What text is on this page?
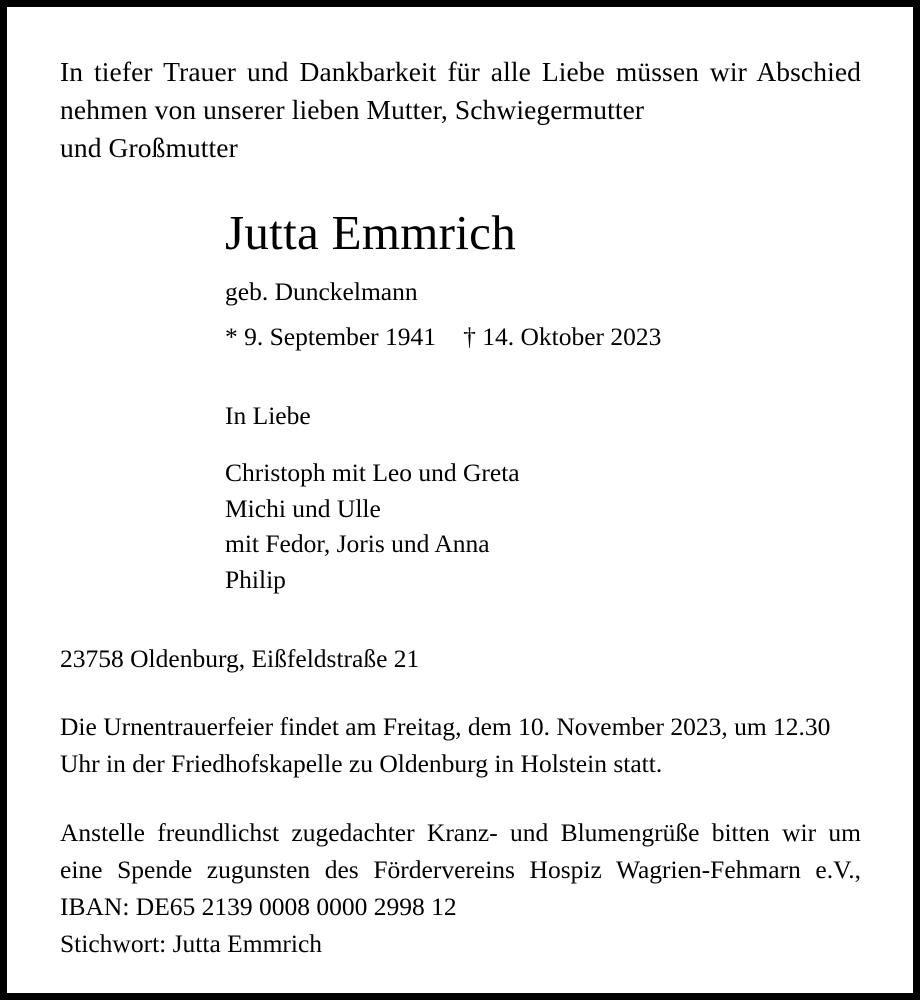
In tiefer Trauer und Dankbarkeit für alle Liebe müssen wir Abschied nehmen von unserer lieben Mutter, Schwiegermutter
und Großmutter

Jutta Emmrich

geb. Dunckelmann

* 9. September 1941 † 14. Oktober 2023

In Liebe

Christoph mit Leo und Greta
Michi und Ulle
mit Fedor, Joris und Anna
Philip

23758 Oldenburg, Eißfeldstraße 21

Die Urnentrauerfeier findet am Freitag, dem 10. November 2023, um 12.30 Uhr in der Friedhofskapelle zu Oldenburg in Holstein statt.

Anstelle freundlichst zugedachter Kranz- und Blumengrüße bitten wir um eine Spende zugunsten des Fördervereins Hospiz Wagrien-Fehmarn e.V., IBAN: DE65 2139 0008 0000 2998 12
Stichwort: Jutta Emmrich
